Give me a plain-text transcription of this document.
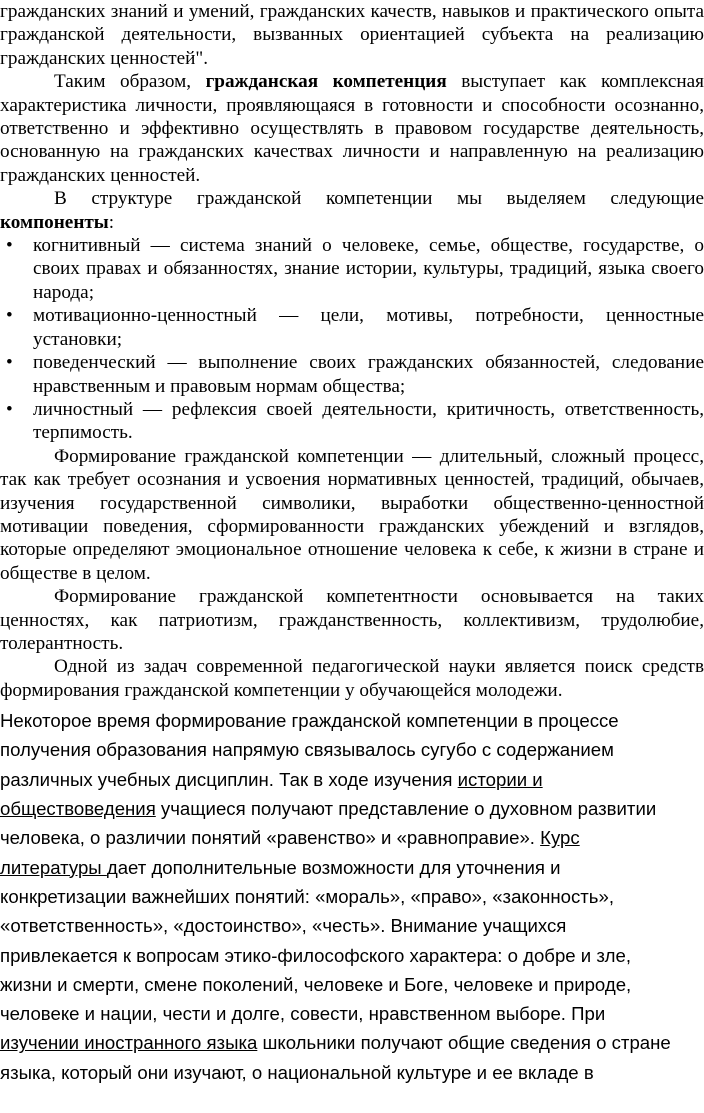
гражданских знаний и умений, гражданских качеств, навыков и практического опыта гражданской деятельности, вызванных ориентацией субъекта на реализацию гражданских ценностей".

Таким образом, гражданская компетенция выступает как комплексная характеристика личности, проявляющаяся в готовности и способности осознанно, ответственно и эффективно осуществлять в правовом государстве деятельность, основанную на гражданских качествах личности и направленную на реализацию гражданских ценностей.

В структуре гражданской компетенции мы выделяем следующие компоненты:

• когнитивный — система знаний о человеке, семье, обществе, государстве, о своих правах и обязанностях, знание истории, культуры, традиций, языка своего народа;
• мотивационно-ценностный — цели, мотивы, потребности, ценностные установки;
• поведенческий — выполнение своих гражданских обязанностей, следование нравственным и правовым нормам общества;
• личностный — рефлексия своей деятельности, критичность, ответственность, терпимость.

Формирование гражданской компетенции — длительный, сложный процесс, так как требует осознания и усвоения нормативных ценностей, традиций, обычаев, изучения государственной символики, выработки общественно-ценностной мотивации поведения, сформированности гражданских убеждений и взглядов, которые определяют эмоциональное отношение человека к себе, к жизни в стране и обществе в целом.

Формирование гражданской компетентности основывается на таких ценностях, как патриотизм, гражданственность, коллективизм, трудолюбие, толерантность.

Одной из задач современной педагогической науки является поиск средств формирования гражданской компетенции у обучающейся молодежи.

Некоторое время формирование гражданской компетенции в процессе
получения образования напрямую связывалось сугубо с содержанием
различных учебных дисциплин. Так в ходе изучения истории и
обществоведения учащиеся получают представление о духовном развитии
человека, о различии понятий «равенство» и «равноправие». Курс
литературы дает дополнительные возможности для уточнения и
конкретизации важнейших понятий: «мораль», «право», «законность»,
«ответственность», «достоинство», «честь». Внимание учащихся
привлекается к вопросам этико-философского характера: о добре и зле,
жизни и смерти, смене поколений, человеке и Боге, человеке и природе,
человеке и нации, чести и долге, совести, нравственном выборе. При
изучении иностранного языка школьники получают общие сведения о стране
языка, который они изучают, о национальной культуре и ее вкладе в
